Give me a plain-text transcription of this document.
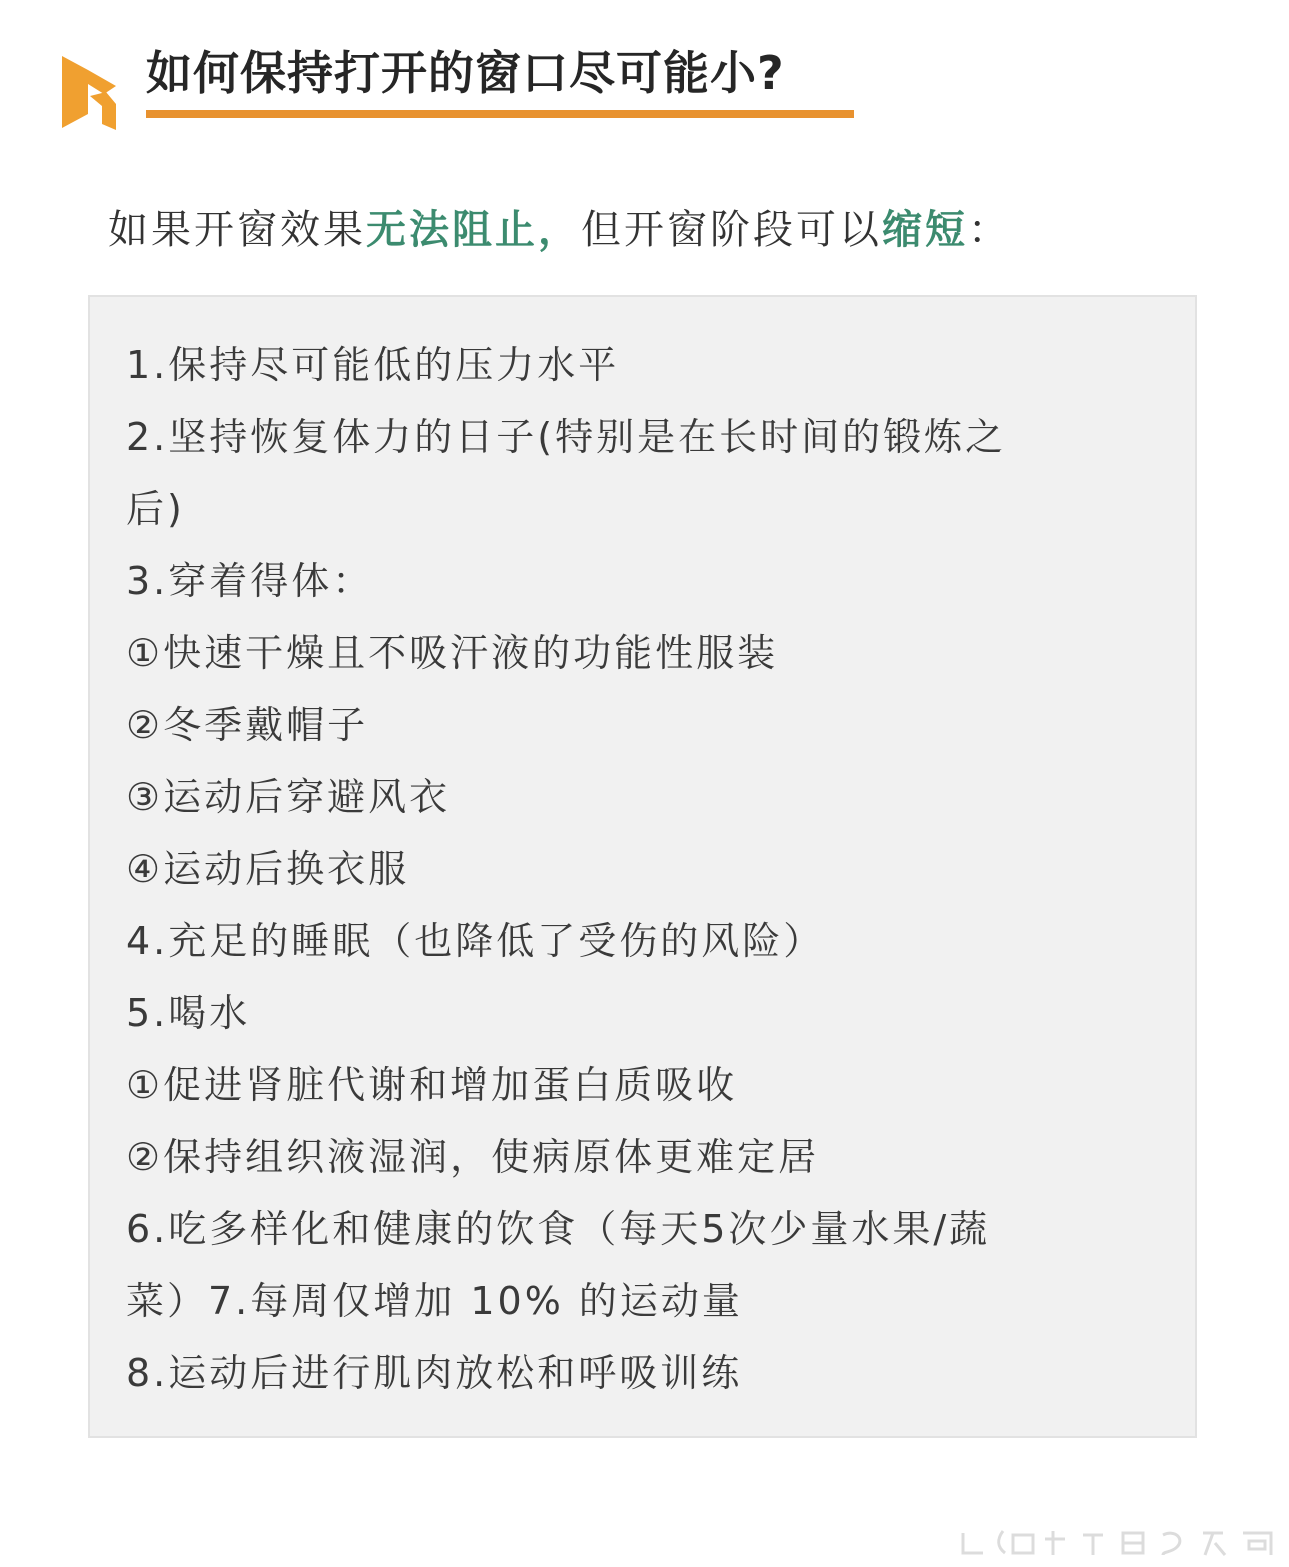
如何保持打开的窗口尽可能小?

如果开窗效果无法阻止，但开窗阶段可以缩短：

1.保持尽可能低的压力水平
2.坚持恢复体力的日子(特别是在长时间的锻炼之
后)
3.穿着得体：
①快速干燥且不吸汗液的功能性服装
②冬季戴帽子
③运动后穿避风衣
④运动后换衣服
4.充足的睡眠（也降低了受伤的风险）
5.喝水
①促进肾脏代谢和增加蛋白质吸收
②保持组织液湿润，使病原体更难定居
6.吃多样化和健康的饮食（每天5次少量水果/蔬
菜）7.每周仅增加 10% 的运动量
8.运动后进行肌肉放松和呼吸训练
